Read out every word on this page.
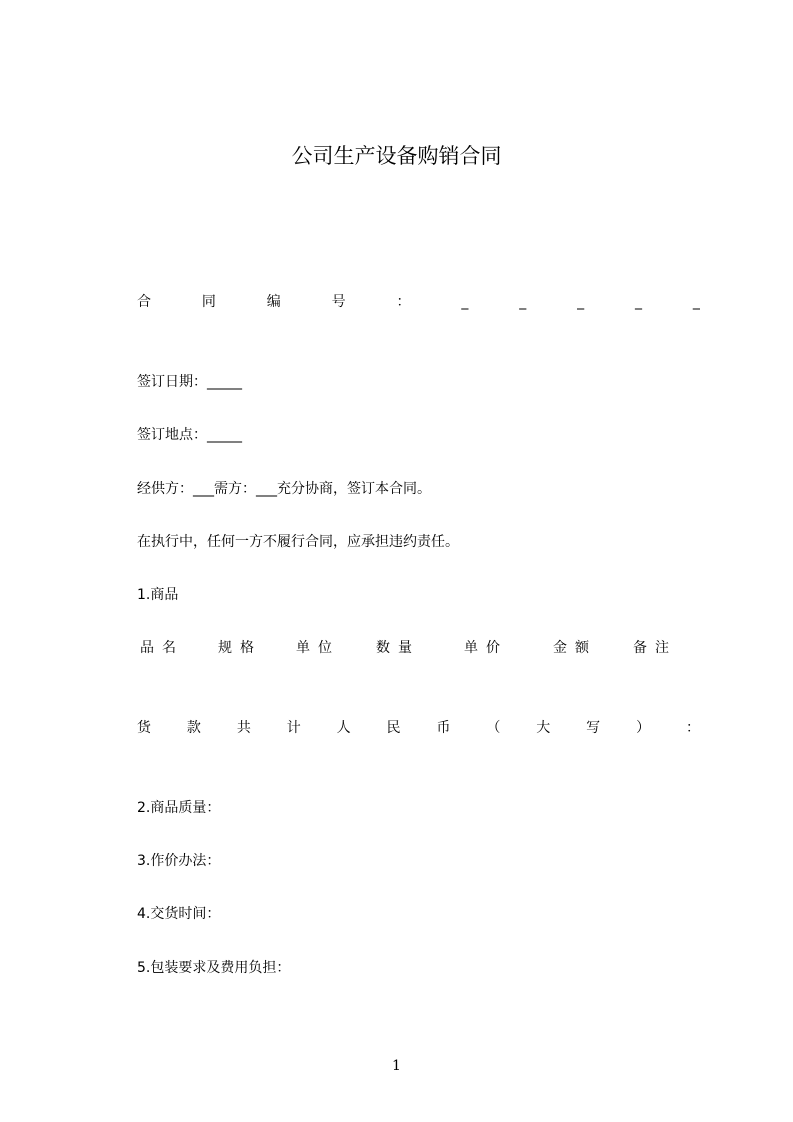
公司生产设备购销合同
合	同	编	号	：	_	_	_	_	_
签订日期：_____
签订地点：_____
经供方：___需方：___充分协商，签订本合同。
在执行中，任何一方不履行合同，应承担违约责任。
1.商品
品名 规格 单位	数量	单价	金额	备注
货	款	共	计	人	民	币	（	大	写	）	：
2.商品质量：
3.作价办法：
4.交货时间：
5.包装要求及费用负担：
1
